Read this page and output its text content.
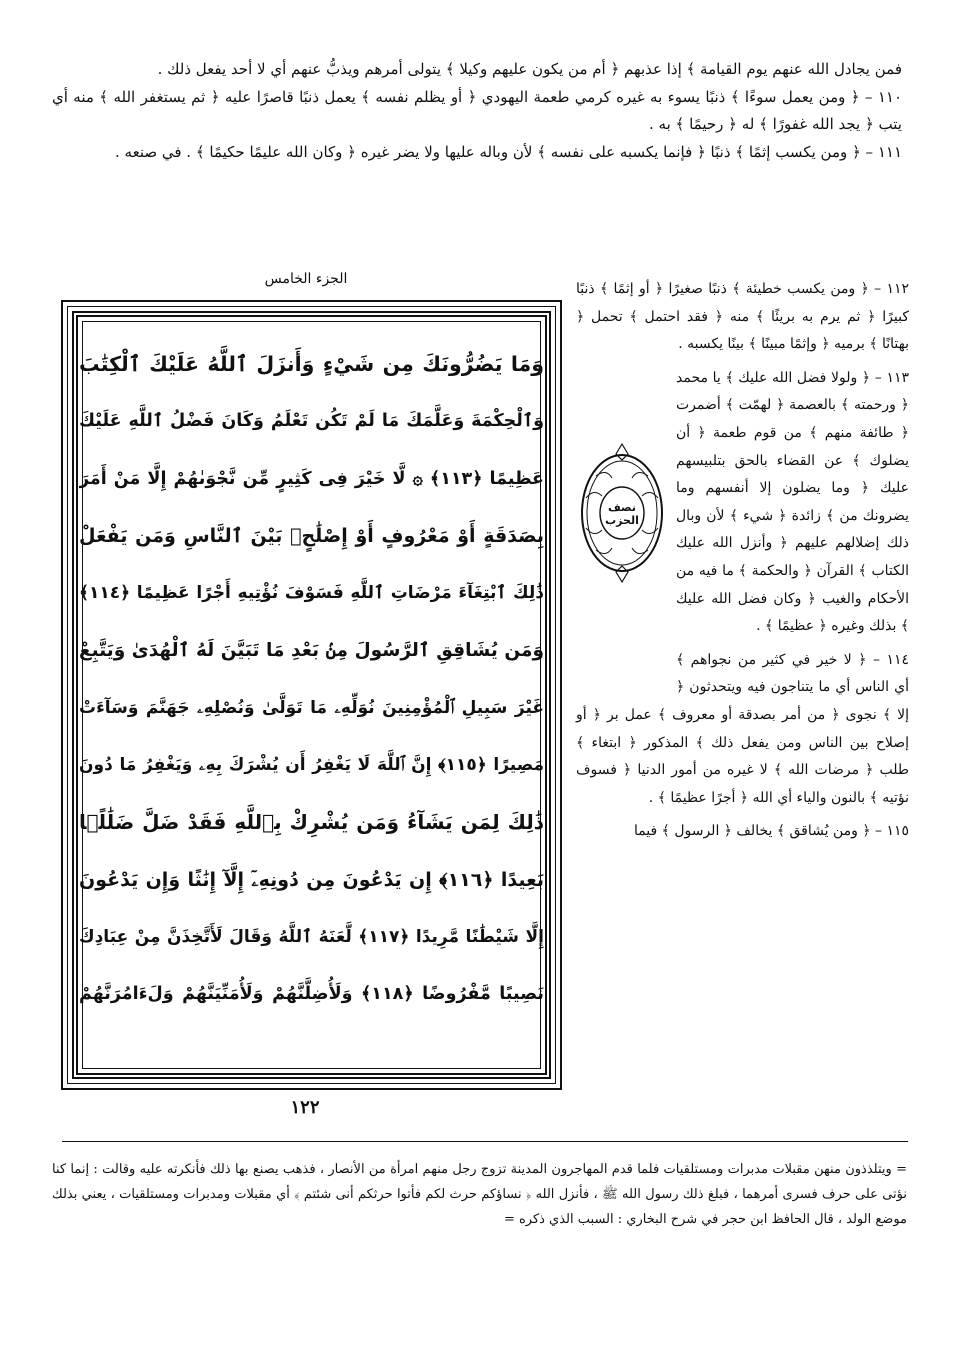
فمن يجادل الله عنهم يوم القيامة ﴾ إذا عذبهم ﴿ أم من يكون عليهم وكيلا ﴾ يتولى أمرهم ويذبُّ عنهم أي لا أحد يفعل ذلك .

١١٠ – ﴿ ومن يعمل سوءًا ﴾ ذنبًا يسوء به غيره كرمي طعمة اليهودي ﴿ أو يظلم نفسه ﴾ يعمل ذنبًا قاصرًا عليه ﴿ ثم يستغفر الله ﴾ منه أي يتب ﴿ يجد الله غفورًا ﴾ له ﴿ رحيمًا ﴾ به .

١١١ – ﴿ ومن يكسب إثمًا ﴾ ذنبًا ﴿ فإنما يكسبه على نفسه ﴾ لأن وباله عليها ولا يضر غيره ﴿ وكان الله عليمًا حكيمًا ﴾ . في صنعه .

الجزء الخامس
وَمَا يَضُرُّونَكَ مِن شَيْءٍ وَأَنزَلَ ٱللَّهُ عَلَيْكَ ٱلْكِتَٰبَ
وَٱلْحِكْمَةَ وَعَلَّمَكَ مَا لَمْ تَكُن تَعْلَمُ وَكَانَ فَضْلُ ٱللَّهِ عَلَيْكَ
عَظِيمًا ﴿١١٣﴾ ۞ لَّا خَيْرَ فِى كَثِيرٍ مِّن نَّجْوَىٰهُمْ إِلَّا مَنْ أَمَرَ
بِصَدَقَةٍ أَوْ مَعْرُوفٍ أَوْ إِصْلَٰحٍۭ بَيْنَ ٱلنَّاسِ وَمَن يَفْعَلْ
ذَٰلِكَ ٱبْتِغَآءَ مَرْضَاتِ ٱللَّهِ فَسَوْفَ نُؤْتِيهِ أَجْرًا عَظِيمًا ﴿١١٤﴾
وَمَن يُشَاقِقِ ٱلرَّسُولَ مِنۢ بَعْدِ مَا تَبَيَّنَ لَهُ ٱلْهُدَىٰ وَيَتَّبِعْ
غَيْرَ سَبِيلِ ٱلْمُؤْمِنِينَ نُوَلِّهِۦ مَا تَوَلَّىٰ وَنُصْلِهِۦ جَهَنَّمَ وَسَآءَتْ
مَصِيرًا ﴿١١٥﴾ إِنَّ ٱللَّهَ لَا يَغْفِرُ أَن يُشْرَكَ بِهِۦ وَيَغْفِرُ مَا دُونَ
ذَٰلِكَ لِمَن يَشَآءُ وَمَن يُشْرِكْ بِٱللَّهِ فَقَدْ ضَلَّ ضَلَٰلًۢا
بَعِيدًا ﴿١١٦﴾ إِن يَدْعُونَ مِن دُونِهِۦٓ إِلَّآ إِنَٰثًا وَإِن يَدْعُونَ
إِلَّا شَيْطَٰنًا مَّرِيدًا ﴿١١٧﴾ لَّعَنَهُ ٱللَّهُ وَقَالَ لَأَتَّخِذَنَّ مِنْ عِبَادِكَ
نَصِيبًا مَّفْرُوضًا ﴿١١٨﴾ وَلَأُضِلَّنَّهُمْ وَلَأُمَنِّيَنَّهُمْ وَلَءَامُرَنَّهُمْ
نصف الحزب

١١٢ – ﴿ ومن يكسب خطيئة ﴾ ذنبًا صغيرًا ﴿ أو إثمًا ﴾ ذنبًا كبيرًا ﴿ ثم يرم به بريئًا ﴾ منه ﴿ فقد احتمل ﴾ تحمل ﴿ بهتانًا ﴾ برميه ﴿ وإثمًا مبينًا ﴾ بينًا يكسبه .

١١٣ – ﴿ ولولا فضل الله عليك ﴾ يا محمد ﴿ ورحمته ﴾ بالعصمة ﴿ لهمّت ﴾ أضمرت ﴿ طائفة منهم ﴾ من قوم طعمة ﴿ أن يضلوك ﴾ عن القضاء بالحق بتلبيسهم عليك ﴿ وما يضلون إلا أنفسهم وما يضرونك من ﴾ زائدة ﴿ شيء ﴾ لأن وبال ذلك إضلالهم عليهم ﴿ وأنزل الله عليك الكتاب ﴾ القرآن ﴿ والحكمة ﴾ ما فيه من الأحكام والغيب ﴿ وكان فضل الله عليك ﴾ بذلك وغيره ﴿ عظيمًا ﴾ .

١١٤ – ﴿ لا خير في كثير من نجواهم ﴾ أي الناس أي ما يتناجون فيه ويتحدثون ﴿ إلا ﴾ نجوى ﴿ من أمر بصدقة أو معروف ﴾ عمل بر ﴿ أو إصلاح بين الناس ومن يفعل ذلك ﴾ المذكور ﴿ ابتغاء ﴾ طلب ﴿ مرضات الله ﴾ لا غيره من أمور الدنيا ﴿ فسوف نؤتيه ﴾ بالنون والياء أي الله ﴿ أجرًا عظيمًا ﴾ .

١١٥ – ﴿ ومن يُشاقق ﴾ يخالف ﴿ الرسول ﴾ فيما

١٢٢
= ويتلذذون منهن مقبلات مدبرات ومستلقيات فلما قدم المهاجرون المدينة تزوج رجل منهم امرأة من الأنصار ، فذهب يصنع بها ذلك فأنكرته عليه وقالت : إنما كنا نؤتى على حرف فسرى أمرهما ، فبلغ ذلك رسول الله ﷺ ، فأنزل الله ﴿ نساؤكم حرث لكم فأتوا حرثكم أنى شئتم ﴾ أي مقبلات ومدبرات ومستلقيات ، يعني بذلك موضع الولد ، قال الحافظ ابن حجر في شرح البخاري : السبب الذي ذكره =
